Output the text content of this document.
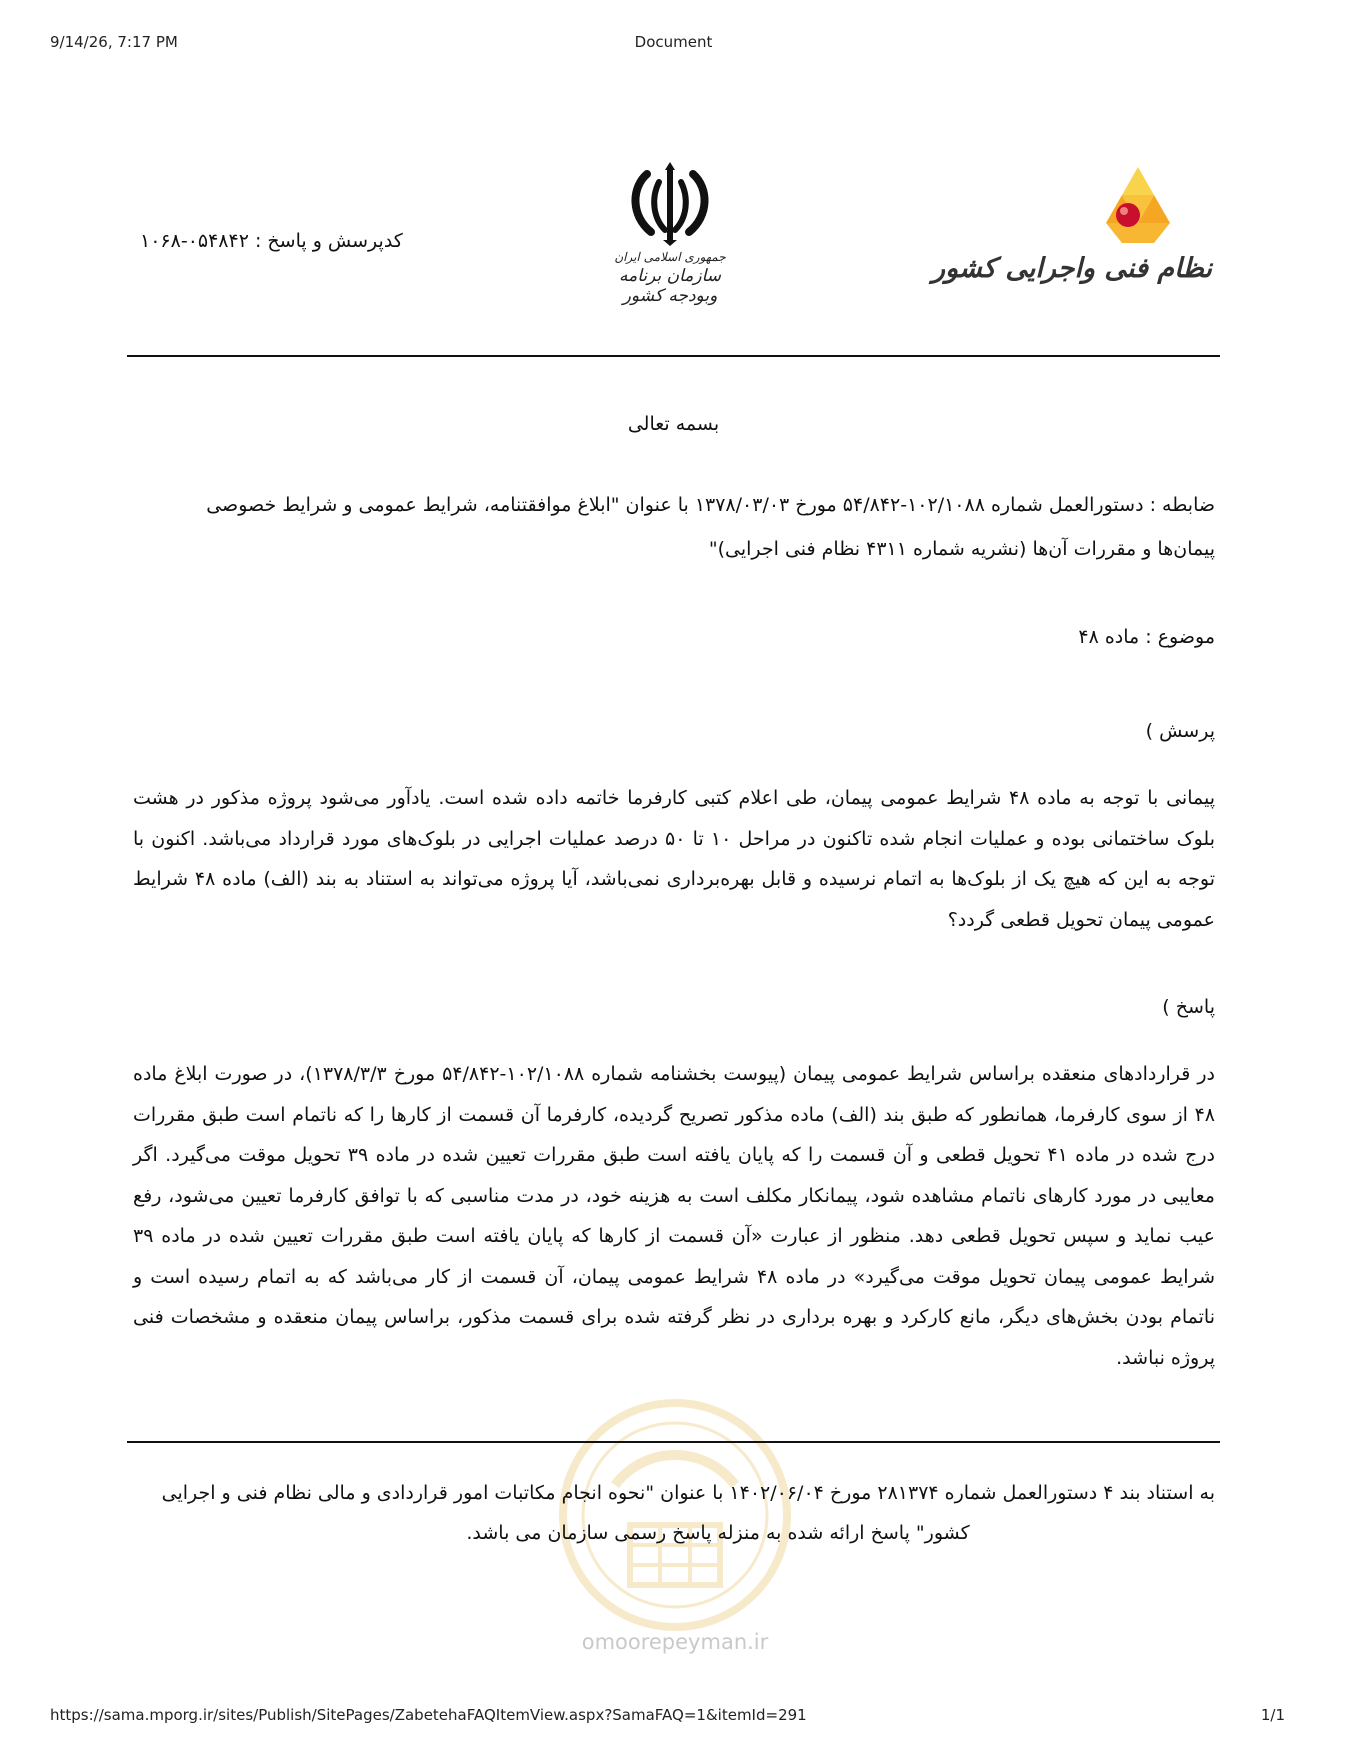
9/14/26, 7:17 PM	Document
نظام فنی واجرایی کشور
جمهوری اسلامی ایران
سازمان برنامه وبودجه کشور
کدپرسش و پاسخ : ۰۵۴۸۴۲-۱۰۶۸
بسمه تعالی
ضابطه : دستورالعمل شماره ۱۰۲/۱۰۸۸-۵۴/۸۴۲ مورخ ۱۳۷۸/۰۳/۰۳ با عنوان "ابلاغ موافقتنامه، شرایط عمومی و شرایط خصوصی
پیمان‌ها و مقررات آن‌ها (نشریه شماره ۴۳۱۱ نظام فنی اجرایی)"
موضوع : ماده ۴۸
پرسش )
پیمانی با توجه به ماده ۴۸ شرایط عمومی پیمان، طی اعلام کتبی کارفرما خاتمه داده شده است. یادآور می‌شود پروژه مذکور در هشت بلوک ساختمانی بوده و عملیات انجام شده تاکنون در مراحل ۱۰ تا ۵۰ درصد عملیات اجرایی در بلوک‌های مورد قرارداد می‌باشد. اکنون با توجه به این که هیچ یک از بلوک‌ها به اتمام نرسیده و قابل بهره‌برداری نمی‌باشد، آیا پروژه می‌تواند به استناد به بند (الف) ماده ۴۸ شرایط عمومی پیمان تحویل قطعی گردد؟
پاسخ )
در قراردادهای منعقده براساس شرایط عمومی پیمان (پیوست بخشنامه شماره ۱۰۲/۱۰۸۸-۵۴/۸۴۲ مورخ ۱۳۷۸/۳/۳)، در صورت ابلاغ ماده ۴۸ از سوی کارفرما، همانطور که طبق بند (الف) ماده مذکور تصریح گردیده، کارفرما آن قسمت از کارها را که ناتمام است طبق مقررات درج شده در ماده ۴۱ تحویل قطعی و آن قسمت را که پایان یافته است طبق مقررات تعیین شده در ماده ۳۹ تحویل موقت می‌گیرد. اگر معایبی در مورد کارهای ناتمام مشاهده شود، پیمانکار مکلف است به هزینه خود، در مدت مناسبی که با توافق کارفرما تعیین می‌شود، رفع عیب نماید و سپس تحویل قطعی دهد. منظور از عبارت «آن قسمت از کارها که پایان یافته است طبق مقررات تعیین شده در ماده ۳۹ شرایط عمومی پیمان تحویل موقت می‌گیرد» در ماده ۴۸ شرایط عمومی پیمان، آن قسمت از کار می‌باشد که به اتمام رسیده است و ناتمام بودن بخش‌های دیگر، مانع کارکرد و بهره برداری در نظر گرفته شده برای قسمت مذکور، براساس پیمان منعقده و مشخصات فنی پروژه نباشد.
به استناد بند ۴ دستورالعمل شماره ۲۸۱۳۷۴ مورخ ۱۴۰۲/۰۶/۰۴ با عنوان "نحوه انجام مکاتبات امور قراردادی و مالی نظام فنی و اجرایی
کشور" پاسخ ارائه شده به منزله پاسخ رسمی سازمان می باشد.
omoorepeyman.ir
https://sama.mporg.ir/sites/Publish/SitePages/ZabetehaFAQItemView.aspx?SamaFAQ=1&itemId=291	1/1
